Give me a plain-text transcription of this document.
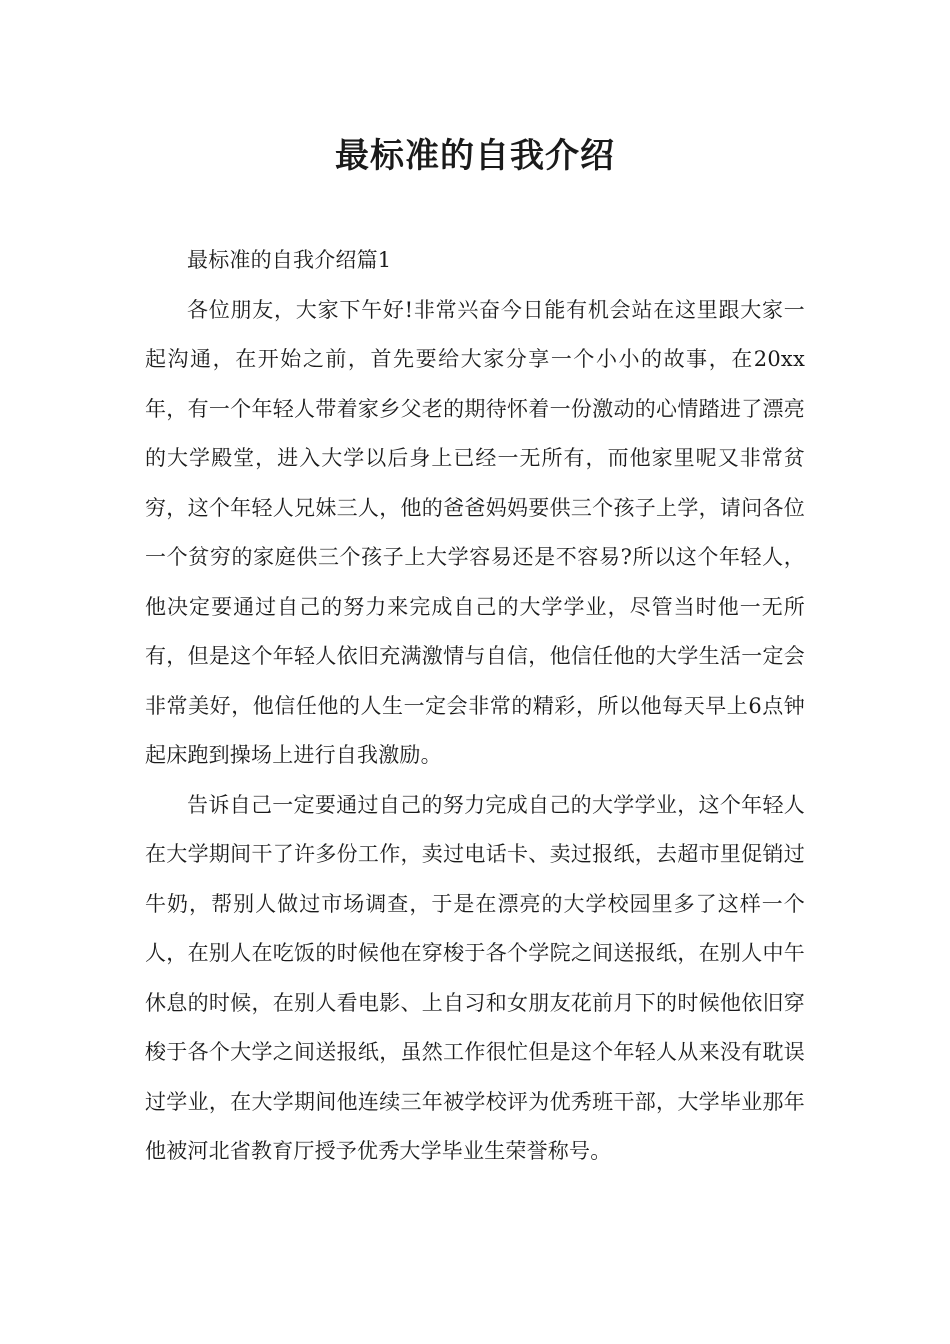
最标准的自我介绍

最标准的自我介绍篇1

各位朋友，大家下午好!非常兴奋今日能有机会站在这里跟大家一起沟通，在开始之前，首先要给大家分享一个小小的故事，在20xx年，有一个年轻人带着家乡父老的期待怀着一份激动的心情踏进了漂亮的大学殿堂，进入大学以后身上已经一无所有，而他家里呢又非常贫穷，这个年轻人兄妹三人，他的爸爸妈妈要供三个孩子上学，请问各位一个贫穷的家庭供三个孩子上大学容易还是不容易?所以这个年轻人，他决定要通过自己的努力来完成自己的大学学业，尽管当时他一无所有，但是这个年轻人依旧充满激情与自信，他信任他的大学生活一定会非常美好，他信任他的人生一定会非常的精彩，所以他每天早上6点钟起床跑到操场上进行自我激励。

告诉自己一定要通过自己的努力完成自己的大学学业，这个年轻人在大学期间干了许多份工作，卖过电话卡、卖过报纸，去超市里促销过牛奶，帮别人做过市场调查，于是在漂亮的大学校园里多了这样一个人，在别人在吃饭的时候他在穿梭于各个学院之间送报纸，在别人中午休息的时候，在别人看电影、上自习和女朋友花前月下的时候他依旧穿梭于各个大学之间送报纸，虽然工作很忙但是这个年轻人从来没有耽误过学业，在大学期间他连续三年被学校评为优秀班干部，大学毕业那年他被河北省教育厅授予优秀大学毕业生荣誉称号。
